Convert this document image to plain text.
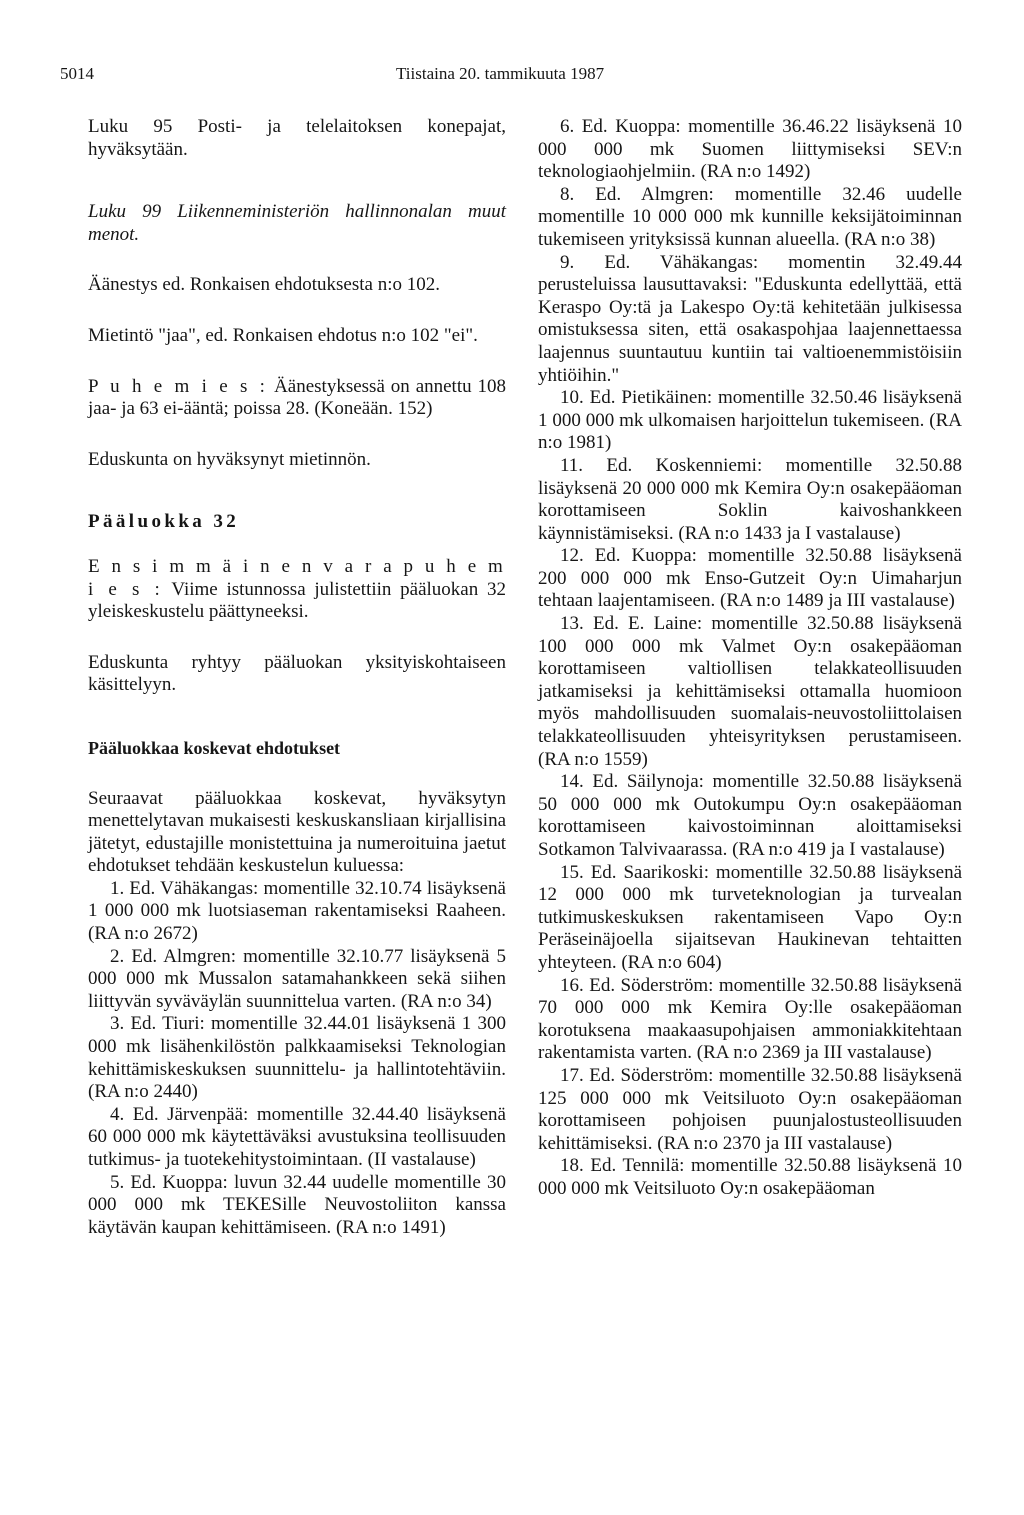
5014	Tiistaina 20. tammikuuta 1987

Luku 95 Posti- ja telelaitoksen konepajat, hyväksytään.

Luku 99 Liikenneministeriön hallinnonalan muut menot.

Äänestys ed. Ronkaisen ehdotuksesta n:o 102.

Mietintö "jaa", ed. Ronkaisen ehdotus n:o 102 "ei".

P u h e m i e s : Äänestyksessä on annettu 108 jaa- ja 63 ei-ääntä; poissa 28. (Koneään. 152)

Eduskunta on hyväksynyt mietinnön.

Pääluokka 32

E n s i m m ä i n e n v a r a p u h e m i e s : Viime istunnossa julistettiin pääluokan 32 yleiskeskustelu päättyneeksi.

Eduskunta ryhtyy pääluokan yksityiskohtaiseen käsittelyyn.

Pääluokkaa koskevat ehdotukset

Seuraavat pääluokkaa koskevat, hyväksytyn menettelytavan mukaisesti keskuskansliaan kirjallisina jätetyt, edustajille monistettuina ja numeroituina jaetut ehdotukset tehdään keskustelun kuluessa:

1. Ed. Vähäkangas: momentille 32.10.74 lisäyksenä 1 000 000 mk luotsiaseman rakentamiseksi Raaheen. (RA n:o 2672)

2. Ed. Almgren: momentille 32.10.77 lisäyksenä 5 000 000 mk Mussalon satamahankkeen sekä siihen liittyvän syväväylän suunnittelua varten. (RA n:o 34)

3. Ed. Tiuri: momentille 32.44.01 lisäyksenä 1 300 000 mk lisähenkilöstön palkkaamiseksi Teknologian kehittämiskeskuksen suunnittelu- ja hallintotehtäviin. (RA n:o 2440)

4. Ed. Järvenpää: momentille 32.44.40 lisäyksenä 60 000 000 mk käytettäväksi avustuksina teollisuuden tutkimus- ja tuotekehitystoimintaan. (II vastalause)

5. Ed. Kuoppa: luvun 32.44 uudelle momentille 30 000 000 mk TEKESille Neuvostoliiton kanssa käytävän kaupan kehittämiseen. (RA n:o 1491)

6. Ed. Kuoppa: momentille 36.46.22 lisäyksenä 10 000 000 mk Suomen liittymiseksi SEV:n teknologiaohjelmiin. (RA n:o 1492)

8. Ed. Almgren: momentille 32.46 uudelle momentille 10 000 000 mk kunnille keksijätoiminnan tukemiseen yrityksissä kunnan alueella. (RA n:o 38)

9. Ed. Vähäkangas: momentin 32.49.44 perusteluissa lausuttavaksi: "Eduskunta edellyttää, että Keraspo Oy:tä ja Lakespo Oy:tä kehitetään julkisessa omistuksessa siten, että osakaspohjaa laajennettaessa laajennus suuntautuu kuntiin tai valtioenemmistöisiin yhtiöihin."

10. Ed. Pietikäinen: momentille 32.50.46 lisäyksenä 1 000 000 mk ulkomaisen harjoittelun tukemiseen. (RA n:o 1981)

11. Ed. Koskenniemi: momentille 32.50.88 lisäyksenä 20 000 000 mk Kemira Oy:n osakepääoman korottamiseen Soklin kaivoshankkeen käynnistämiseksi. (RA n:o 1433 ja I vastalause)

12. Ed. Kuoppa: momentille 32.50.88 lisäyksenä 200 000 000 mk Enso-Gutzeit Oy:n Uimaharjun tehtaan laajentamiseen. (RA n:o 1489 ja III vastalause)

13. Ed. E. Laine: momentille 32.50.88 lisäyksenä 100 000 000 mk Valmet Oy:n osakepääoman korottamiseen valtiollisen telakkateollisuuden jatkamiseksi ja kehittämiseksi ottamalla huomioon myös mahdollisuuden suomalais-neuvostoliittolaisen telakkateollisuuden yhteisyrityksen perustamiseen. (RA n:o 1559)

14. Ed. Säilynoja: momentille 32.50.88 lisäyksenä 50 000 000 mk Outokumpu Oy:n osakepääoman korottamiseen kaivostoiminnan aloittamiseksi Sotkamon Talvivaarassa. (RA n:o 419 ja I vastalause)

15. Ed. Saarikoski: momentille 32.50.88 lisäyksenä 12 000 000 mk turveteknologian ja turvealan tutkimuskeskuksen rakentamiseen Vapo Oy:n Peräseinäjoella sijaitsevan Haukinevan tehtaitten yhteyteen. (RA n:o 604)

16. Ed. Söderström: momentille 32.50.88 lisäyksenä 70 000 000 mk Kemira Oy:lle osakepääoman korotuksena maakaasupohjaisen ammoniakkitehtaan rakentamista varten. (RA n:o 2369 ja III vastalause)

17. Ed. Söderström: momentille 32.50.88 lisäyksenä 125 000 000 mk Veitsiluoto Oy:n osakepääoman korottamiseen pohjoisen puunjalostusteollisuuden kehittämiseksi. (RA n:o 2370 ja III vastalause)

18. Ed. Tennilä: momentille 32.50.88 lisäyksenä 10 000 000 mk Veitsiluoto Oy:n osakepääoman
